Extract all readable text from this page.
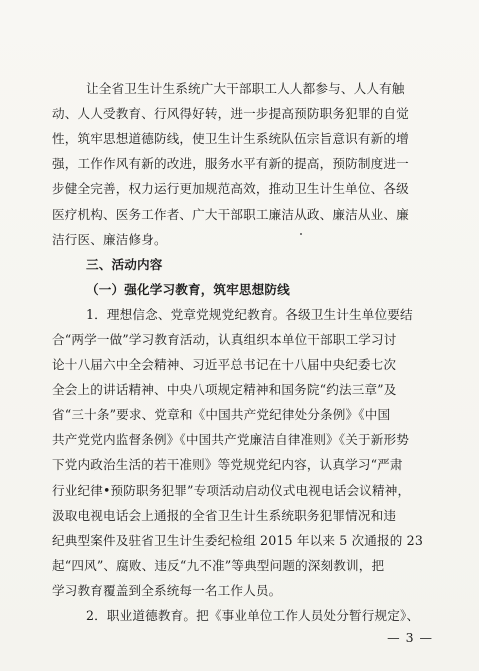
让全省卫生计生系统广大干部职工人人都参与、人人有触
动、人人受教育、行风得好转，进一步提高预防职务犯罪的自觉
性，筑牢思想道德防线，使卫生计生系统队伍宗旨意识有新的增
强，工作作风有新的改进，服务水平有新的提高，预防制度进一
步健全完善，权力运行更加规范高效，推动卫生计生单位、各级
医疗机构、医务工作者、广大干部职工廉洁从政、廉洁从业、廉
洁行医、廉洁修身。
三、活动内容
（一）强化学习教育，筑牢思想防线
1．理想信念、党章党规党纪教育。各级卫生计生单位要结
合“两学一做”学习教育活动，认真组织本单位干部职工学习讨
论十八届六中全会精神、习近平总书记在十八届中央纪委七次
全会上的讲话精神、中央八项规定精神和国务院“约法三章”及
省“三十条”要求、党章和《中国共产党纪律处分条例》《中国
共产党党内监督条例》《中国共产党廉洁自律准则》《关于新形势
下党内政治生活的若干准则》等党规党纪内容，认真学习“严肃
行业纪律•预防职务犯罪”专项活动启动仪式电视电话会议精神，
汲取电视电话会上通报的全省卫生计生系统职务犯罪情况和违
纪典型案件及驻省卫生计生委纪检组 2015 年以来 5 次通报的 23
起“四风”、腐败、违反“九不准”等典型问题的深刻教训，把
学习教育覆盖到全系统每一名工作人员。
2．职业道德教育。把《事业单位工作人员处分暂行规定》、
— 3 —
